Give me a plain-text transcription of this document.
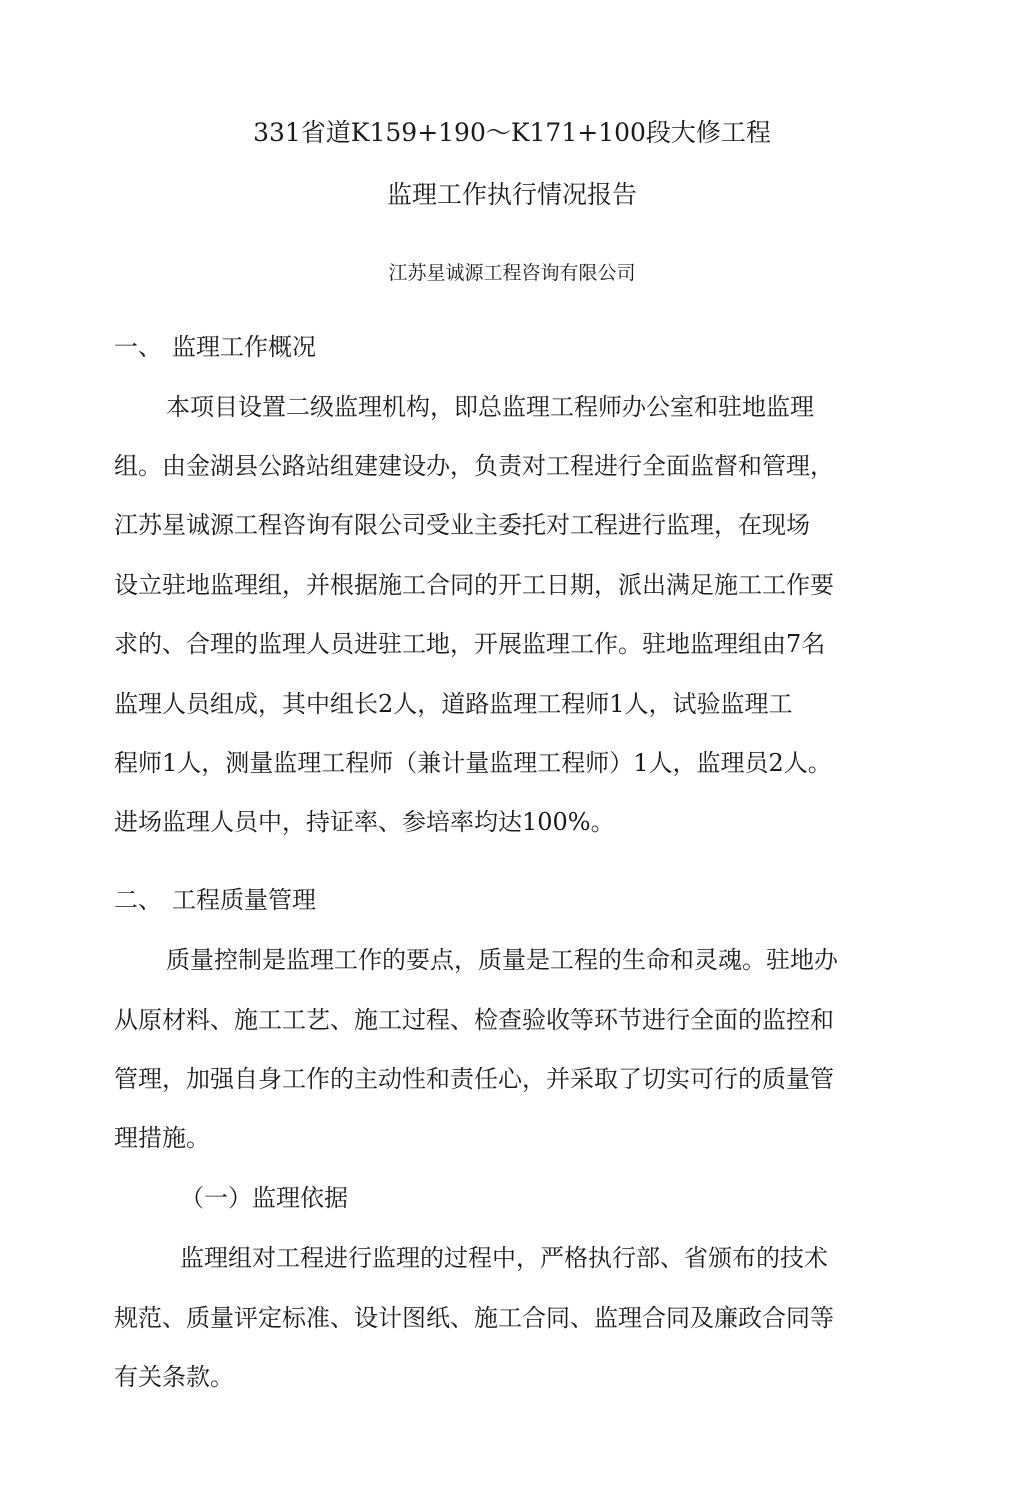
331省道K159+190～K171+100段大修工程

监理工作执行情况报告

江苏星诚源工程咨询有限公司

一、 监理工作概况

本项目设置二级监理机构，即总监理工程师办公室和驻地监理

组。由金湖县公路站组建建设办，负责对工程进行全面监督和管理，

江苏星诚源工程咨询有限公司受业主委托对工程进行监理，在现场

设立驻地监理组，并根据施工合同的开工日期，派出满足施工工作要

求的、合理的监理人员进驻工地，开展监理工作。驻地监理组由7名

监理人员组成，其中组长2人，道路监理工程师1人，试验监理工

程师1人，测量监理工程师（兼计量监理工程师）1人，监理员2人。

进场监理人员中，持证率、参培率均达100%。

二、 工程质量管理

质量控制是监理工作的要点，质量是工程的生命和灵魂。驻地办

从原材料、施工工艺、施工过程、检查验收等环节进行全面的监控和

管理，加强自身工作的主动性和责任心，并采取了切实可行的质量管

理措施。

（一）监理依据

监理组对工程进行监理的过程中，严格执行部、省颁布的技术

规范、质量评定标准、设计图纸、施工合同、监理合同及廉政合同等

有关条款。
